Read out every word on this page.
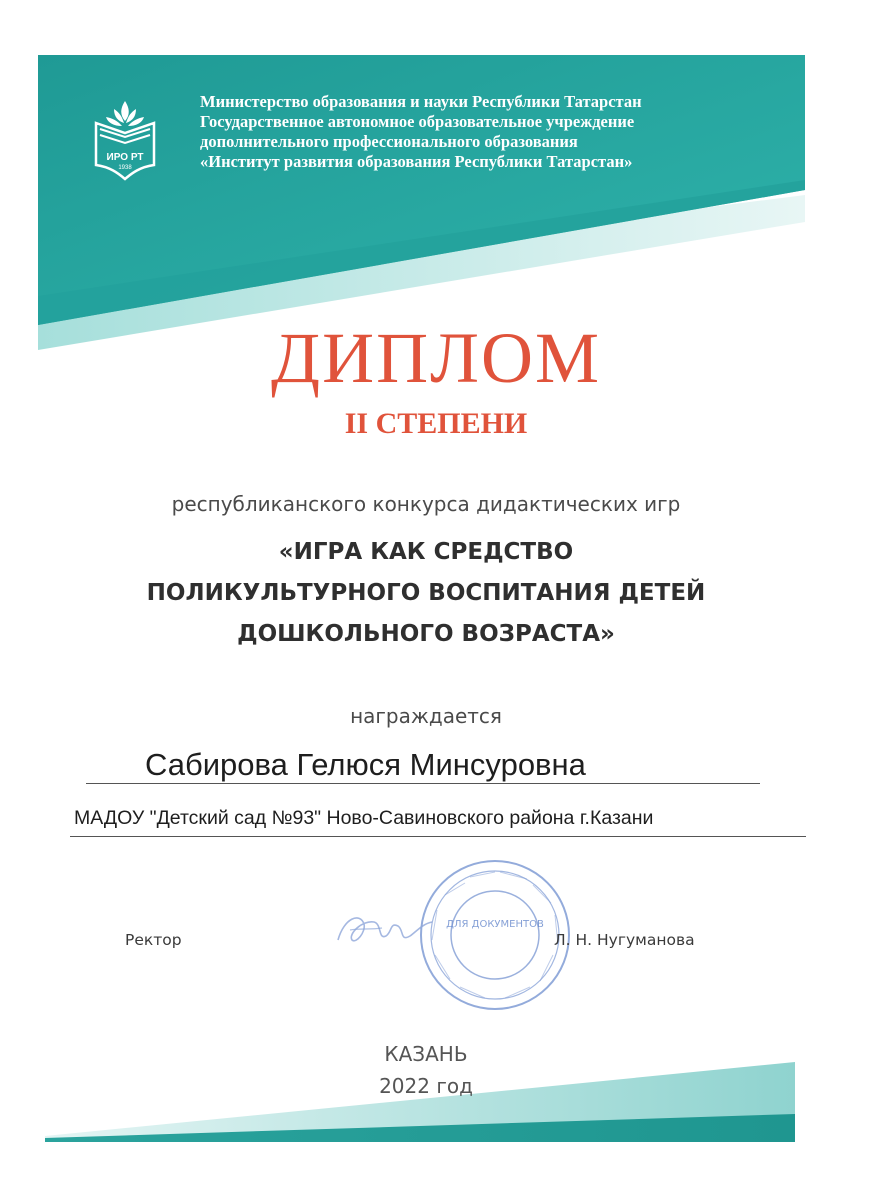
ИРО РТ
1938
Министерство образования и науки Республики Татарстан
Государственное автономное образовательное учреждение
дополнительного профессионального образования
«Институт развития образования Республики Татарстан»
ДИПЛОМ
II СТЕПЕНИ
республиканского конкурса дидактических игр
«ИГРА КАК СРЕДСТВО
ПОЛИКУЛЬТУРНОГО ВОСПИТАНИЯ ДЕТЕЙ
ДОШКОЛЬНОГО ВОЗРАСТА»
награждается
Сабирова Гелюся Минсуровна
МАДОУ "Детский сад №93" Ново-Савиновского района г.Казани
Ректор
ДЛЯ ДОКУМЕНТОВ
Л. Н. Нугуманова
КАЗАНЬ
2022 год
